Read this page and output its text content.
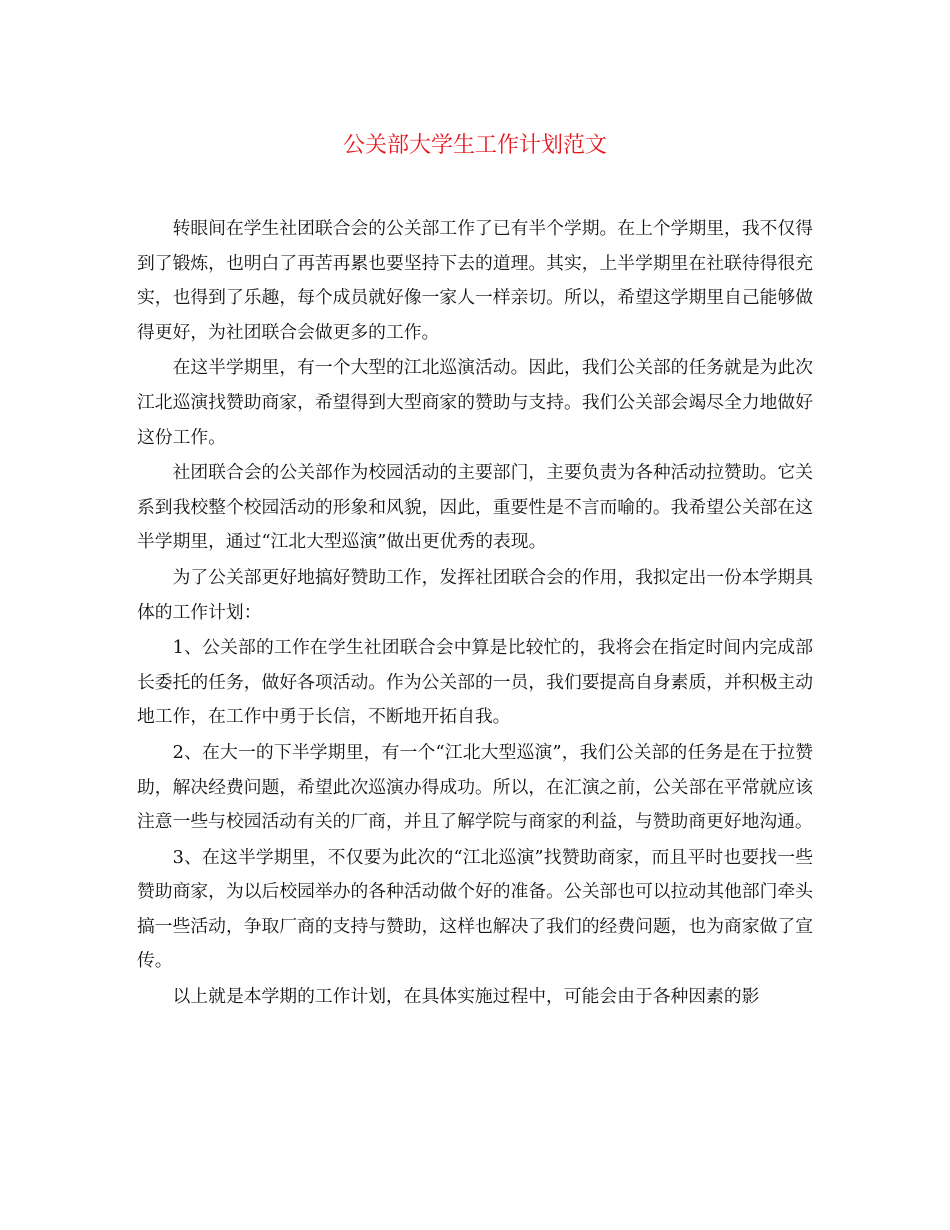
公关部大学生工作计划范文

转眼间在学生社团联合会的公关部工作了已有半个学期。在上个学期里，我不仅得到了锻炼，也明白了再苦再累也要坚持下去的道理。其实，上半学期里在社联待得很充实，也得到了乐趣，每个成员就好像一家人一样亲切。所以，希望这学期里自己能够做得更好，为社团联合会做更多的工作。

在这半学期里，有一个大型的江北巡演活动。因此，我们公关部的任务就是为此次江北巡演找赞助商家，希望得到大型商家的赞助与支持。我们公关部会竭尽全力地做好这份工作。

社团联合会的公关部作为校园活动的主要部门，主要负责为各种活动拉赞助。它关系到我校整个校园活动的形象和风貌，因此，重要性是不言而喻的。我希望公关部在这半学期里，通过“江北大型巡演”做出更优秀的表现。

为了公关部更好地搞好赞助工作，发挥社团联合会的作用，我拟定出一份本学期具体的工作计划：

1、公关部的工作在学生社团联合会中算是比较忙的，我将会在指定时间内完成部长委托的任务，做好各项活动。作为公关部的一员，我们要提高自身素质，并积极主动地工作，在工作中勇于长信，不断地开拓自我。

2、在大一的下半学期里，有一个“江北大型巡演”，我们公关部的任务是在于拉赞助，解决经费问题，希望此次巡演办得成功。所以，在汇演之前，公关部在平常就应该注意一些与校园活动有关的厂商，并且了解学院与商家的利益，与赞助商更好地沟通。

3、在这半学期里，不仅要为此次的“江北巡演”找赞助商家，而且平时也要找一些赞助商家，为以后校园举办的各种活动做个好的准备。公关部也可以拉动其他部门牵头搞一些活动，争取厂商的支持与赞助，这样也解决了我们的经费问题，也为商家做了宣传。

以上就是本学期的工作计划，在具体实施过程中，可能会由于各种因素的影
